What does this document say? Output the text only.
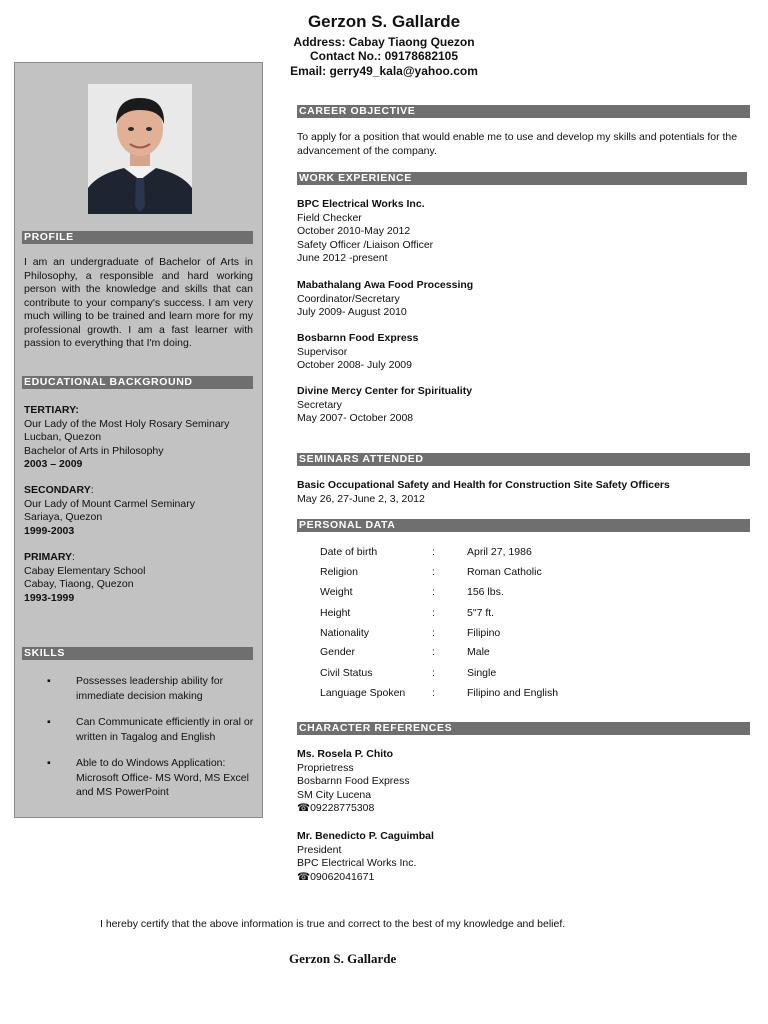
Gerzon S. Gallarde
Address: Cabay Tiaong Quezon
Contact No.: 09178682105
Email: gerry49_kala@yahoo.com
PROFILE
I am an undergraduate of Bachelor of Arts in Philosophy, a responsible and hard working person with the knowledge and skills that can contribute to your company's success. I am very much willing to be trained and learn more for my professional growth. I am a fast learner with passion to everything that I'm doing.
EDUCATIONAL BACKGROUND
TERTIARY:
Our Lady of the Most Holy Rosary Seminary
Lucban, Quezon
Bachelor of Arts in Philosophy
2003 – 2009
SECONDARY:
Our Lady of Mount Carmel Seminary
Sariaya, Quezon
1999-2003
PRIMARY:
Cabay Elementary School
Cabay, Tiaong, Quezon
1993-1999
SKILLS
▪ Possesses leadership ability for immediate decision making
▪ Can Communicate efficiently in oral or written in Tagalog and English
▪ Able to do Windows Application: Microsoft Office- MS Word, MS Excel and MS PowerPoint
CAREER OBJECTIVE
To apply for a position that would enable me to use and develop my skills and potentials for the advancement of the company.
WORK EXPERIENCE
BPC Electrical Works Inc.
Field Checker
October 2010-May 2012
Safety Officer /Liaison Officer
June 2012 -present
Mabathalang Awa Food Processing
Coordinator/Secretary
July 2009- August 2010
Bosbarnn Food Express
Supervisor
October 2008- July 2009
Divine Mercy Center for Spirituality
Secretary
May 2007- October 2008
SEMINARS ATTENDED
Basic Occupational Safety and Health for Construction Site Safety Officers
May 26, 27-June 2, 3, 2012
PERSONAL DATA
Date of birth	:	April 27, 1986
Religion	:	Roman Catholic
Weight	:	156 lbs.
Height	:	5"7 ft.
Nationality	:	Filipino
Gender	:	Male
Civil Status	:	Single
Language Spoken	:	Filipino and English
CHARACTER REFERENCES
Ms. Rosela P. Chito
Proprietress
Bosbarnn Food Express
SM City Lucena
☎09228775308
Mr. Benedicto P. Caguimbal
President
BPC Electrical Works Inc.
☎09062041671
I hereby certify that the above information is true and correct to the best of my knowledge and belief.
Gerzon S. Gallarde
